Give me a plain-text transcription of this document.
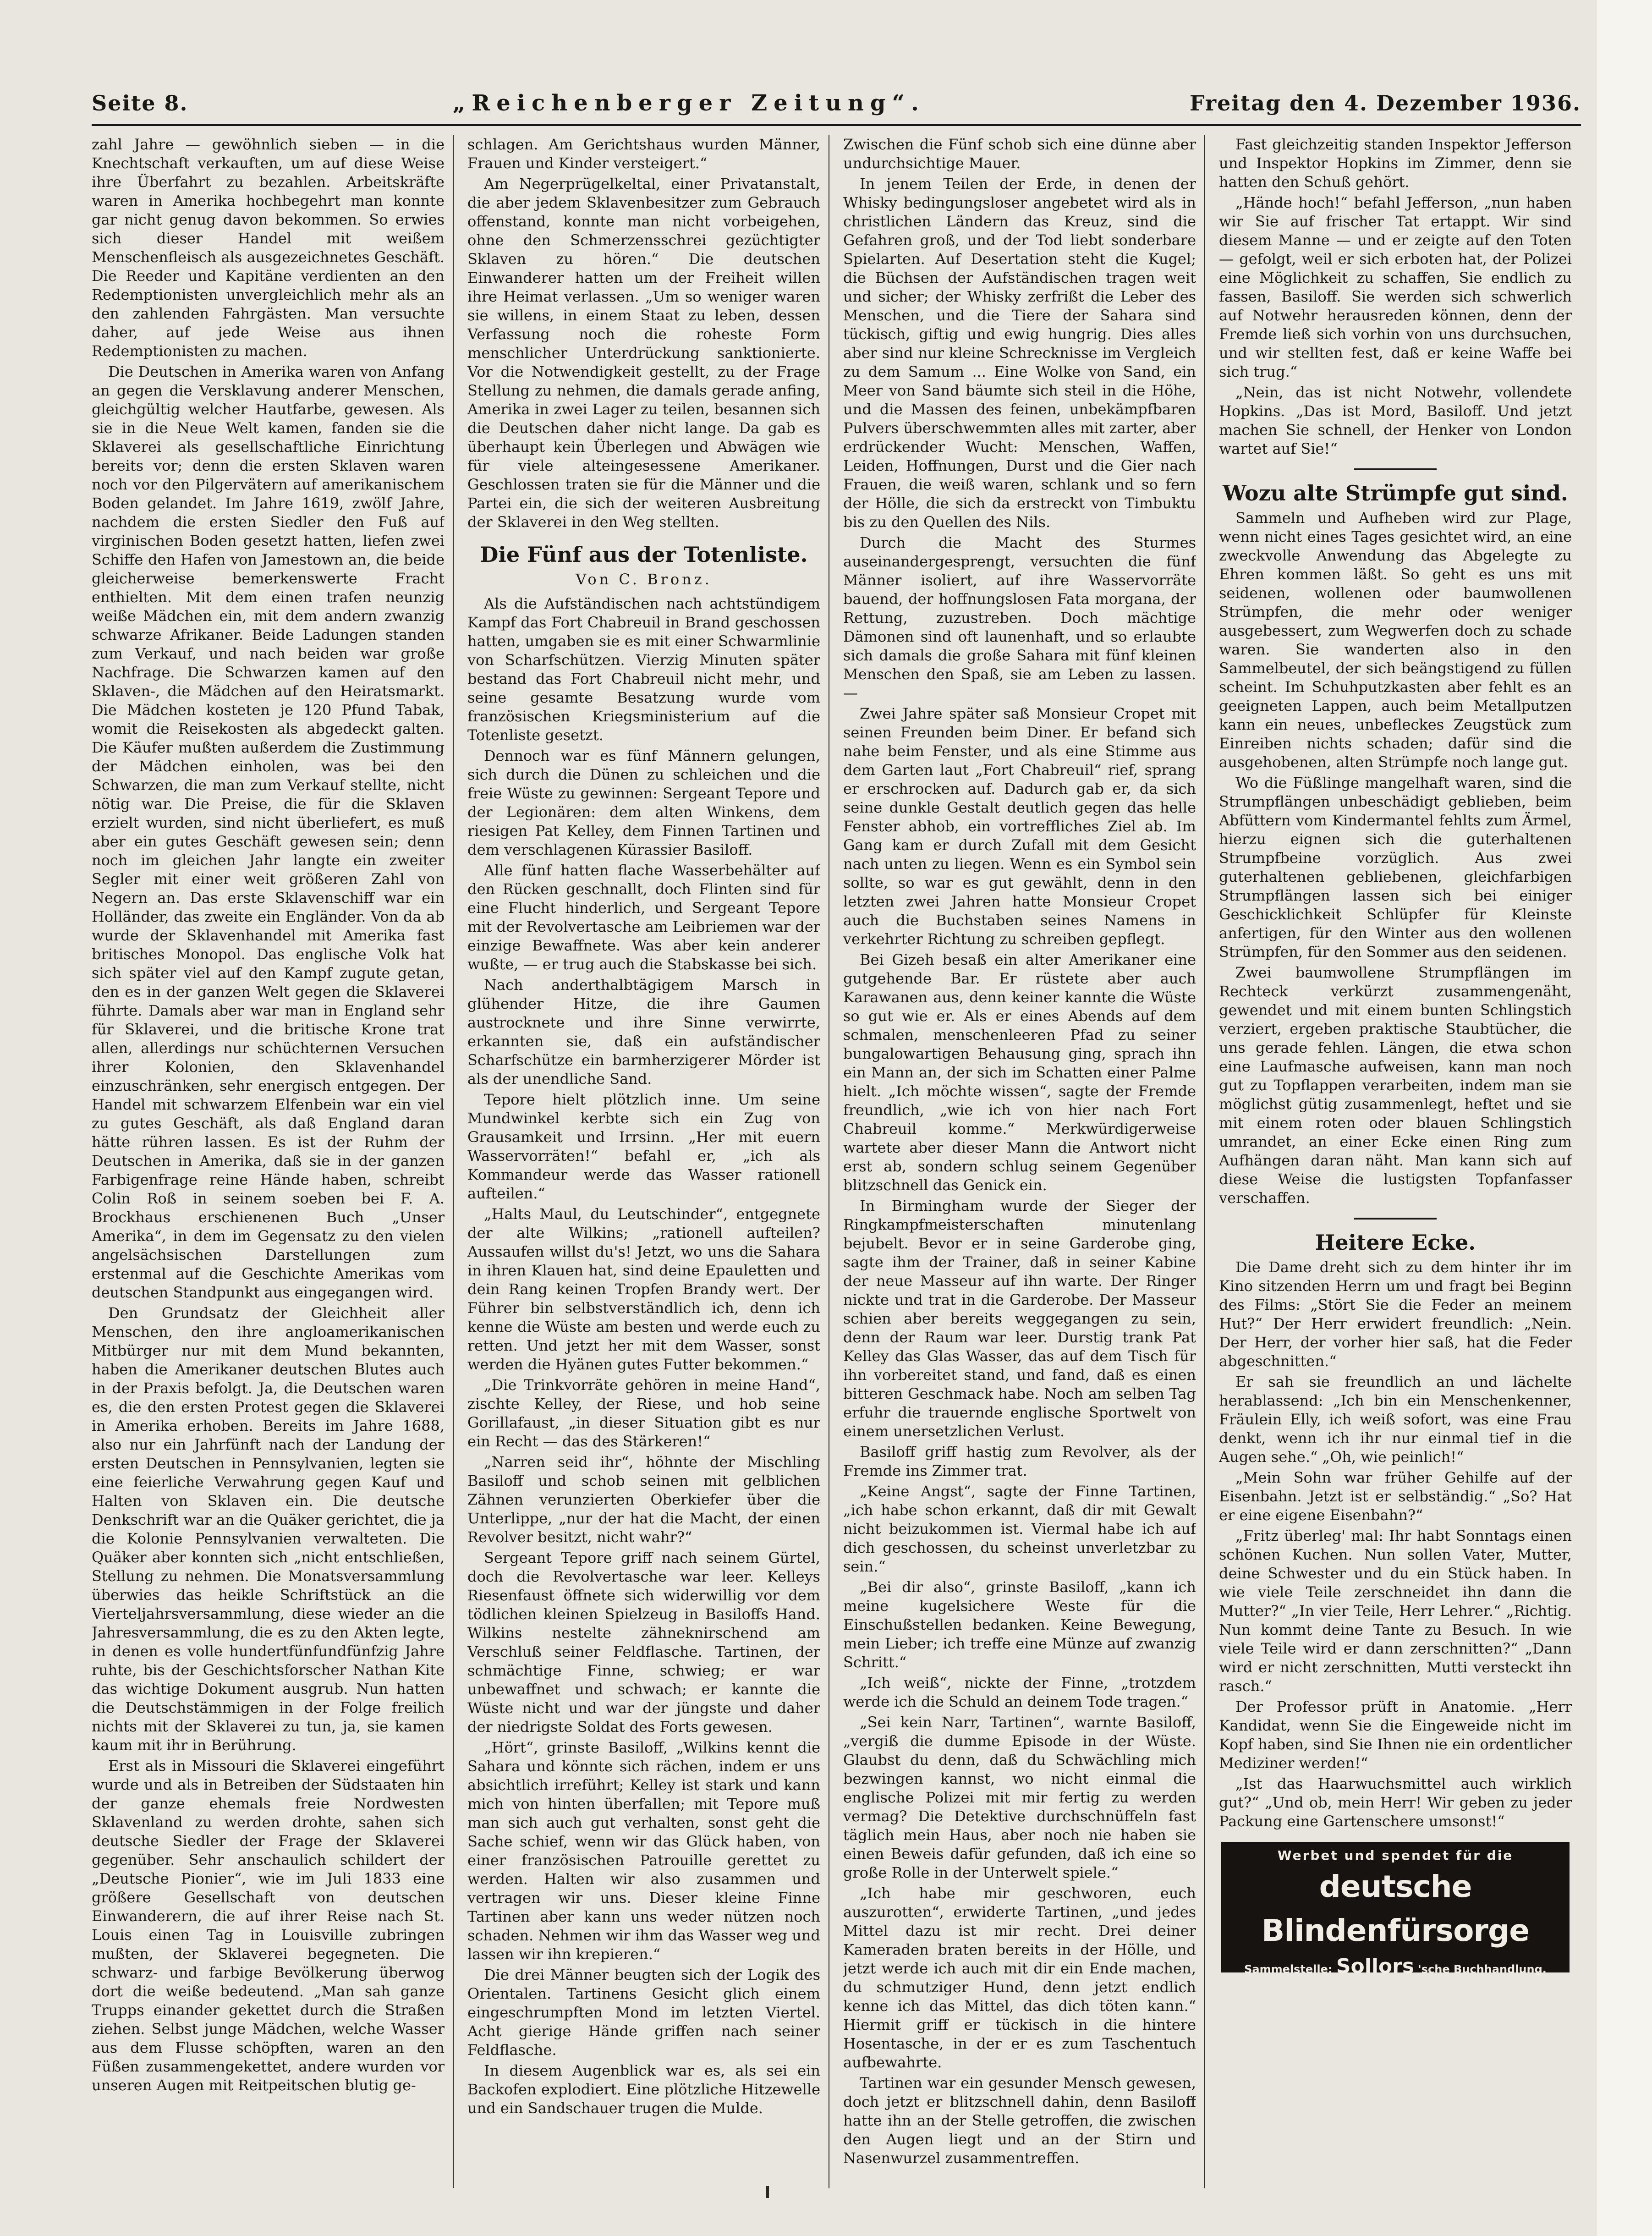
Seite 8.	„Reichenberger Zeitung“.	Freitag den 4. Dezember 1936.

zahl Jahre — gewöhnlich sieben — in die Knechtschaft verkauften, um auf diese Weise ihre Überfahrt zu bezahlen. Arbeitskräfte waren in Amerika hochbegehrt man konnte gar nicht genug davon bekommen. So erwies sich dieser Handel mit weißem Menschenfleisch als ausgezeichnetes Geschäft. Die Reeder und Kapitäne verdienten an den Redemptionisten unvergleichlich mehr als an den zahlenden Fahrgästen. Man versuchte daher, auf jede Weise aus ihnen Redemptionisten zu machen.

Die Deutschen in Amerika waren von Anfang an gegen die Versklavung anderer Menschen, gleichgültig welcher Hautfarbe, gewesen. Als sie in die Neue Welt kamen, fanden sie die Sklaverei als gesellschaftliche Einrichtung bereits vor; denn die ersten Sklaven waren noch vor den Pilgervätern auf amerikanischem Boden gelandet. Im Jahre 1619, zwölf Jahre, nachdem die ersten Siedler den Fuß auf virginischen Boden gesetzt hatten, liefen zwei Schiffe den Hafen von Jamestown an, die beide gleicherweise bemerkenswerte Fracht enthielten. Mit dem einen trafen neunzig weiße Mädchen ein, mit dem andern zwanzig schwarze Afrikaner. Beide Ladungen standen zum Verkauf, und nach beiden war große Nachfrage. Die Schwarzen kamen auf den Sklaven-, die Mädchen auf den Heiratsmarkt. Die Mädchen kosteten je 120 Pfund Tabak, womit die Reisekosten als abgedeckt galten. Die Käufer mußten außerdem die Zustimmung der Mädchen einholen, was bei den Schwarzen, die man zum Verkauf stellte, nicht nötig war. Die Preise, die für die Sklaven erzielt wurden, sind nicht überliefert, es muß aber ein gutes Geschäft gewesen sein; denn noch im gleichen Jahr langte ein zweiter Segler mit einer weit größeren Zahl von Negern an. Das erste Sklavenschiff war ein Holländer, das zweite ein Engländer. Von da ab wurde der Sklavenhandel mit Amerika fast britisches Monopol. Das englische Volk hat sich später viel auf den Kampf zugute getan, den es in der ganzen Welt gegen die Sklaverei führte. Damals aber war man in England sehr für Sklaverei, und die britische Krone trat allen, allerdings nur schüchternen Versuchen ihrer Kolonien, den Sklavenhandel einzuschränken, sehr energisch entgegen. Der Handel mit schwarzem Elfenbein war ein viel zu gutes Geschäft, als daß England daran hätte rühren lassen. Es ist der Ruhm der Deutschen in Amerika, daß sie in der ganzen Farbigenfrage reine Hände haben, schreibt Colin Roß in seinem soeben bei F. A. Brockhaus erschienenen Buch „Unser Amerika“, in dem im Gegensatz zu den vielen angelsächsischen Darstellungen zum erstenmal auf die Geschichte Amerikas vom deutschen Standpunkt aus eingegangen wird.

Den Grundsatz der Gleichheit aller Menschen, den ihre angloamerikanischen Mitbürger nur mit dem Mund bekannten, haben die Amerikaner deutschen Blutes auch in der Praxis befolgt. Ja, die Deutschen waren es, die den ersten Protest gegen die Sklaverei in Amerika erhoben. Bereits im Jahre 1688, also nur ein Jahrfünft nach der Landung der ersten Deutschen in Pennsylvanien, legten sie eine feierliche Verwahrung gegen Kauf und Halten von Sklaven ein. Die deutsche Denkschrift war an die Quäker gerichtet, die ja die Kolonie Pennsylvanien verwalteten. Die Quäker aber konnten sich „nicht entschließen, Stellung zu nehmen. Die Monatsversammlung überwies das heikle Schriftstück an die Vierteljahrsversammlung, diese wieder an die Jahresversammlung, die es zu den Akten legte, in denen es volle hundertfünfundfünfzig Jahre ruhte, bis der Geschichtsforscher Nathan Kite das wichtige Dokument ausgrub. Nun hatten die Deutschstämmigen in der Folge freilich nichts mit der Sklaverei zu tun, ja, sie kamen kaum mit ihr in Berührung.

Erst als in Missouri die Sklaverei eingeführt wurde und als in Betreiben der Südstaaten hin der ganze ehemals freie Nordwesten Sklavenland zu werden drohte, sahen sich deutsche Siedler der Frage der Sklaverei gegenüber. Sehr anschaulich schildert der „Deutsche Pionier“, wie im Juli 1833 eine größere Gesellschaft von deutschen Einwanderern, die auf ihrer Reise nach St. Louis einen Tag in Louisville zubringen mußten, der Sklaverei begegneten. Die schwarz- und farbige Bevölkerung überwog dort die weiße bedeutend. „Man sah ganze Trupps einander gekettet durch die Straßen ziehen. Selbst junge Mädchen, welche Wasser aus dem Flusse schöpften, waren an den Füßen zusammengekettet, andere wurden vor unseren Augen mit Reitpeitschen blutig ge-

schlagen. Am Gerichtshaus wurden Männer, Frauen und Kinder versteigert.“

Am Negerprügelkeltal, einer Privatanstalt, die aber jedem Sklavenbesitzer zum Gebrauch offenstand, konnte man nicht vorbeigehen, ohne den Schmerzensschrei gezüchtigter Sklaven zu hören.“ Die deutschen Einwanderer hatten um der Freiheit willen ihre Heimat verlassen. „Um so weniger waren sie willens, in einem Staat zu leben, dessen Verfassung noch die roheste Form menschlicher Unterdrückung sanktionierte. Vor die Notwendigkeit gestellt, zu der Frage Stellung zu nehmen, die damals gerade anfing, Amerika in zwei Lager zu teilen, besannen sich die Deutschen daher nicht lange. Da gab es überhaupt kein Überlegen und Abwägen wie für viele alteingesessene Amerikaner. Geschlossen traten sie für die Männer und die Partei ein, die sich der weiteren Ausbreitung der Sklaverei in den Weg stellten.

Die Fünf aus der Totenliste.
Von C. Bronz.

Als die Aufständischen nach achtstündigem Kampf das Fort Chabreuil in Brand geschossen hatten, umgaben sie es mit einer Schwarmlinie von Scharfschützen. Vierzig Minuten später bestand das Fort Chabreuil nicht mehr, und seine gesamte Besatzung wurde vom französischen Kriegsministerium auf die Totenliste gesetzt.

Dennoch war es fünf Männern gelungen, sich durch die Dünen zu schleichen und die freie Wüste zu gewinnen: Sergeant Tepore und der Legionären: dem alten Winkens, dem riesigen Pat Kelley, dem Finnen Tartinen und dem verschlagenen Kürassier Basiloff.

Alle fünf hatten flache Wasserbehälter auf den Rücken geschnallt, doch Flinten sind für eine Flucht hinderlich, und Sergeant Tepore mit der Revolvertasche am Leibriemen war der einzige Bewaffnete. Was aber kein anderer wußte, — er trug auch die Stabskasse bei sich.

Nach anderthalbtägigem Marsch in glühender Hitze, die ihre Gaumen austrocknete und ihre Sinne verwirrte, erkannten sie, daß ein aufständischer Scharfschütze ein barmherzigerer Mörder ist als der unendliche Sand.

Tepore hielt plötzlich inne. Um seine Mundwinkel kerbte sich ein Zug von Grausamkeit und Irrsinn. „Her mit euern Wasservorräten!“ befahl er, „ich als Kommandeur werde das Wasser rationell aufteilen.“

„Halts Maul, du Leutschinder“, entgegnete der alte Wilkins; „rationell aufteilen? Aussaufen willst du's! Jetzt, wo uns die Sahara in ihren Klauen hat, sind deine Epauletten und dein Rang keinen Tropfen Brandy wert. Der Führer bin selbstverständlich ich, denn ich kenne die Wüste am besten und werde euch zu retten. Und jetzt her mit dem Wasser, sonst werden die Hyänen gutes Futter bekommen.“

„Die Trinkvorräte gehören in meine Hand“, zischte Kelley, der Riese, und hob seine Gorillafaust, „in dieser Situation gibt es nur ein Recht — das des Stärkeren!“

„Narren seid ihr“, höhnte der Mischling Basiloff und schob seinen mit gelblichen Zähnen verunzierten Oberkiefer über die Unterlippe, „nur der hat die Macht, der einen Revolver besitzt, nicht wahr?“

Sergeant Tepore griff nach seinem Gürtel, doch die Revolvertasche war leer. Kelleys Riesenfaust öffnete sich widerwillig vor dem tödlichen kleinen Spielzeug in Basiloffs Hand. Wilkins nestelte zähneknirschend am Verschluß seiner Feldflasche. Tartinen, der schmächtige Finne, schwieg; er war unbewaffnet und schwach; er kannte die Wüste nicht und war der jüngste und daher der niedrigste Soldat des Forts gewesen.

„Hört“, grinste Basiloff, „Wilkins kennt die Sahara und könnte sich rächen, indem er uns absichtlich irreführt; Kelley ist stark und kann mich von hinten überfallen; mit Tepore muß man sich auch gut verhalten, sonst geht die Sache schief, wenn wir das Glück haben, von einer französischen Patrouille gerettet zu werden. Halten wir also zusammen und vertragen wir uns. Dieser kleine Finne Tartinen aber kann uns weder nützen noch schaden. Nehmen wir ihm das Wasser weg und lassen wir ihn krepieren.“

Die drei Männer beugten sich der Logik des Orientalen. Tartinens Gesicht glich einem eingeschrumpften Mond im letzten Viertel. Acht gierige Hände griffen nach seiner Feldflasche.

In diesem Augenblick war es, als sei ein Backofen explodiert. Eine plötzliche Hitzewelle und ein Sandschauer trugen die Mulde.

Zwischen die Fünf schob sich eine dünne aber undurchsichtige Mauer.

In jenem Teilen der Erde, in denen der Whisky bedingungsloser angebetet wird als in christlichen Ländern das Kreuz, sind die Gefahren groß, und der Tod liebt sonderbare Spielarten. Auf Desertation steht die Kugel; die Büchsen der Aufständischen tragen weit und sicher; der Whisky zerfrißt die Leber des Menschen, und die Tiere der Sahara sind tückisch, giftig und ewig hungrig. Dies alles aber sind nur kleine Schrecknisse im Vergleich zu dem Samum ... Eine Wolke von Sand, ein Meer von Sand bäumte sich steil in die Höhe, und die Massen des feinen, unbekämpfbaren Pulvers überschwemmten alles mit zarter, aber erdrückender Wucht: Menschen, Waffen, Leiden, Hoffnungen, Durst und die Gier nach Frauen, die weiß waren, schlank und so fern der Hölle, die sich da erstreckt von Timbuktu bis zu den Quellen des Nils.

Durch die Macht des Sturmes auseinandergesprengt, versuchten die fünf Männer isoliert, auf ihre Wasservorräte bauend, der hoffnungslosen Fata morgana, der Rettung, zuzustreben. Doch mächtige Dämonen sind oft launenhaft, und so erlaubte sich damals die große Sahara mit fünf kleinen Menschen den Spaß, sie am Leben zu lassen. —

Zwei Jahre später saß Monsieur Cropet mit seinen Freunden beim Diner. Er befand sich nahe beim Fenster, und als eine Stimme aus dem Garten laut „Fort Chabreuil“ rief, sprang er erschrocken auf. Dadurch gab er, da sich seine dunkle Gestalt deutlich gegen das helle Fenster abhob, ein vortreffliches Ziel ab. Im Gang kam er durch Zufall mit dem Gesicht nach unten zu liegen. Wenn es ein Symbol sein sollte, so war es gut gewählt, denn in den letzten zwei Jahren hatte Monsieur Cropet auch die Buchstaben seines Namens in verkehrter Richtung zu schreiben gepflegt.

Bei Gizeh besaß ein alter Amerikaner eine gutgehende Bar. Er rüstete aber auch Karawanen aus, denn keiner kannte die Wüste so gut wie er. Als er eines Abends auf dem schmalen, menschenleeren Pfad zu seiner bungalowartigen Behausung ging, sprach ihn ein Mann an, der sich im Schatten einer Palme hielt. „Ich möchte wissen“, sagte der Fremde freundlich, „wie ich von hier nach Fort Chabreuil komme.“ Merkwürdigerweise wartete aber dieser Mann die Antwort nicht erst ab, sondern schlug seinem Gegenüber blitzschnell das Genick ein.

In Birmingham wurde der Sieger der Ringkampfmeisterschaften minutenlang bejubelt. Bevor er in seine Garderobe ging, sagte ihm der Trainer, daß in seiner Kabine der neue Masseur auf ihn warte. Der Ringer nickte und trat in die Garderobe. Der Masseur schien aber bereits weggegangen zu sein, denn der Raum war leer. Durstig trank Pat Kelley das Glas Wasser, das auf dem Tisch für ihn vorbereitet stand, und fand, daß es einen bitteren Geschmack habe. Noch am selben Tag erfuhr die trauernde englische Sportwelt von einem unersetzlichen Verlust.

Basiloff griff hastig zum Revolver, als der Fremde ins Zimmer trat.

„Keine Angst“, sagte der Finne Tartinen, „ich habe schon erkannt, daß dir mit Gewalt nicht beizukommen ist. Viermal habe ich auf dich geschossen, du scheinst unverletzbar zu sein.“

„Bei dir also“, grinste Basiloff, „kann ich meine kugelsichere Weste für die Einschußstellen bedanken. Keine Bewegung, mein Lieber; ich treffe eine Münze auf zwanzig Schritt.“

„Ich weiß“, nickte der Finne, „trotzdem werde ich die Schuld an deinem Tode tragen.“

„Sei kein Narr, Tartinen“, warnte Basiloff, „vergiß die dumme Episode in der Wüste. Glaubst du denn, daß du Schwächling mich bezwingen kannst, wo nicht einmal die englische Polizei mit mir fertig zu werden vermag? Die Detektive durchschnüffeln fast täglich mein Haus, aber noch nie haben sie einen Beweis dafür gefunden, daß ich eine so große Rolle in der Unterwelt spiele.“

„Ich habe mir geschworen, euch auszurotten“, erwiderte Tartinen, „und jedes Mittel dazu ist mir recht. Drei deiner Kameraden braten bereits in der Hölle, und jetzt werde ich auch mit dir ein Ende machen, du schmutziger Hund, denn jetzt endlich kenne ich das Mittel, das dich töten kann.“ Hiermit griff er tückisch in die hintere Hosentasche, in der er es zum Taschentuch aufbewahrte.

Tartinen war ein gesunder Mensch gewesen, doch jetzt er blitzschnell dahin, denn Basiloff hatte ihn an der Stelle getroffen, die zwischen den Augen liegt und an der Stirn und Nasenwurzel zusammentreffen.

Fast gleichzeitig standen Inspektor Jefferson und Inspektor Hopkins im Zimmer, denn sie hatten den Schuß gehört.

„Hände hoch!“ befahl Jefferson, „nun haben wir Sie auf frischer Tat ertappt. Wir sind diesem Manne — und er zeigte auf den Toten — gefolgt, weil er sich erboten hat, der Polizei eine Möglichkeit zu schaffen, Sie endlich zu fassen, Basiloff. Sie werden sich schwerlich auf Notwehr herausreden können, denn der Fremde ließ sich vorhin von uns durchsuchen, und wir stellten fest, daß er keine Waffe bei sich trug.“

„Nein, das ist nicht Notwehr, vollendete Hopkins. „Das ist Mord, Basiloff. Und jetzt machen Sie schnell, der Henker von London wartet auf Sie!“

Wozu alte Strümpfe gut sind.

Sammeln und Aufheben wird zur Plage, wenn nicht eines Tages gesichtet wird, an eine zweckvolle Anwendung das Abgelegte zu Ehren kommen läßt. So geht es uns mit seidenen, wollenen oder baumwollenen Strümpfen, die mehr oder weniger ausgebessert, zum Wegwerfen doch zu schade waren. Sie wanderten also in den Sammelbeutel, der sich beängstigend zu füllen scheint. Im Schuhputzkasten aber fehlt es an geeigneten Lappen, auch beim Metallputzen kann ein neues, unbefleckes Zeugstück zum Einreiben nichts schaden; dafür sind die ausgehobenen, alten Strümpfe noch lange gut.

Wo die Füßlinge mangelhaft waren, sind die Strumpflängen unbeschädigt geblieben, beim Abfüttern vom Kindermantel fehlts zum Ärmel, hierzu eignen sich die guterhaltenen Strumpfbeine vorzüglich. Aus zwei guterhaltenen gebliebenen, gleichfarbigen Strumpflängen lassen sich bei einiger Geschicklichkeit Schlüpfer für Kleinste anfertigen, für den Winter aus den wollenen Strümpfen, für den Sommer aus den seidenen.

Zwei baumwollene Strumpflängen im Rechteck verkürzt zusammengenäht, gewendet und mit einem bunten Schlingstich verziert, ergeben praktische Staubtücher, die uns gerade fehlen. Längen, die etwa schon eine Laufmasche aufweisen, kann man noch gut zu Topflappen verarbeiten, indem man sie möglichst gütig zusammenlegt, heftet und sie mit einem roten oder blauen Schlingstich umrandet, an einer Ecke einen Ring zum Aufhängen daran näht. Man kann sich auf diese Weise die lustigsten Topfanfasser verschaffen.

Heitere Ecke.

Die Dame dreht sich zu dem hinter ihr im Kino sitzenden Herrn um und fragt bei Beginn des Films: „Stört Sie die Feder an meinem Hut?“ Der Herr erwidert freundlich: „Nein. Der Herr, der vorher hier saß, hat die Feder abgeschnitten.“

Er sah sie freundlich an und lächelte herablassend: „Ich bin ein Menschenkenner, Fräulein Elly, ich weiß sofort, was eine Frau denkt, wenn ich ihr nur einmal tief in die Augen sehe.“ „Oh, wie peinlich!“

„Mein Sohn war früher Gehilfe auf der Eisenbahn. Jetzt ist er selbständig.“ „So? Hat er eine eigene Eisenbahn?“

„Fritz überleg' mal: Ihr habt Sonntags einen schönen Kuchen. Nun sollen Vater, Mutter, deine Schwester und du ein Stück haben. In wie viele Teile zerschneidet ihn dann die Mutter?“ „In vier Teile, Herr Lehrer.“ „Richtig. Nun kommt deine Tante zu Besuch. In wie viele Teile wird er dann zerschnitten?“ „Dann wird er nicht zerschnitten, Mutti versteckt ihn rasch.“

Der Professor prüft in Anatomie. „Herr Kandidat, wenn Sie die Eingeweide nicht im Kopf haben, sind Sie Ihnen nie ein ordentlicher Mediziner werden!“

„Ist das Haarwuchsmittel auch wirklich gut?“ „Und ob, mein Herr! Wir geben zu jeder Packung eine Gartenschere umsonst!“

Werbet und spendet für die
deutsche Blindenfürsorge
Sammelstelle: Sollors 'sche Buchhandlung.
